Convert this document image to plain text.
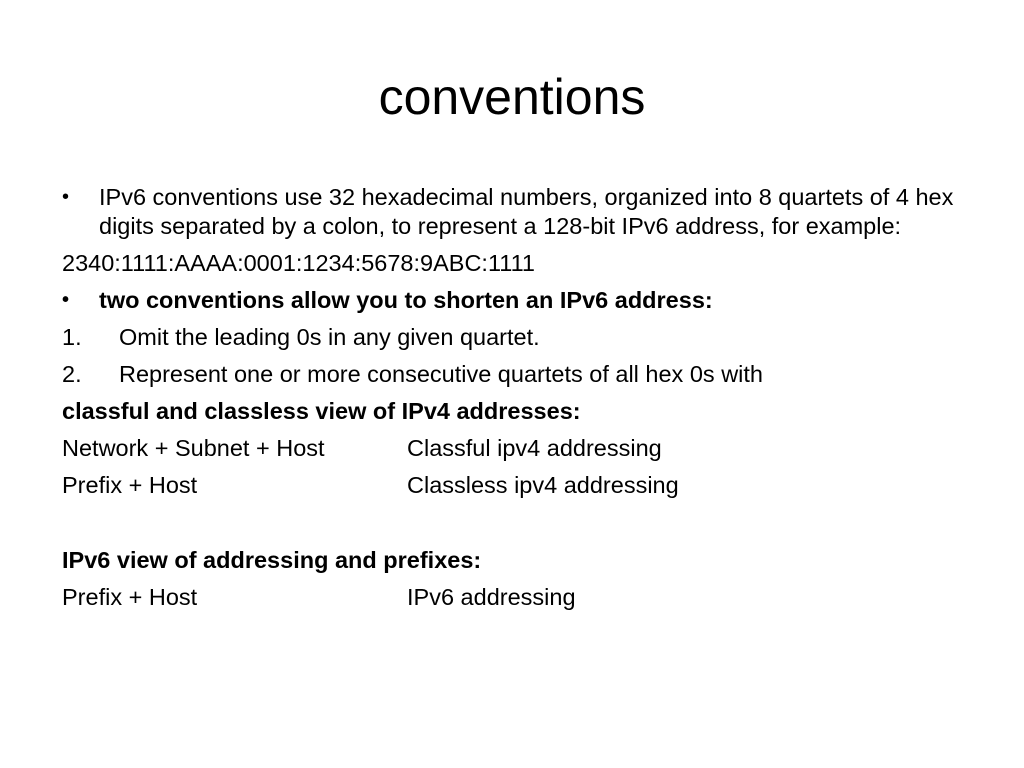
conventions
• IPv6 conventions use 32 hexadecimal numbers, organized into 8 quartets of 4 hex digits separated by a colon, to represent a 128-bit IPv6 address, for example:
2340:1111:AAAA:0001:1234:5678:9ABC:1111
• two conventions allow you to shorten an IPv6 address:
1. Omit the leading 0s in any given quartet.
2. Represent one or more consecutive quartets of all hex 0s with
classful and classless view of IPv4 addresses:
Network + Subnet + Host	Classful ipv4 addressing
Prefix + Host	Classless ipv4 addressing
IPv6 view of addressing and prefixes:
Prefix + Host	IPv6 addressing
